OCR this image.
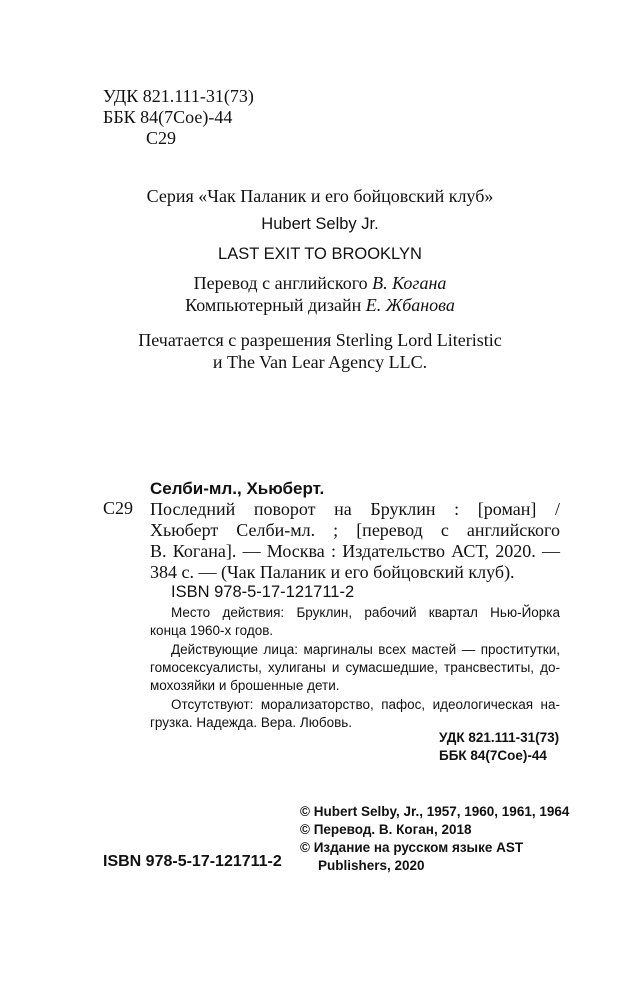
УДК 821.111-31(73)
ББК 84(7Сое)-44
С29
Серия «Чак Паланик и его бойцовский клуб»
Hubert Selby Jr.
LAST EXIT TO BROOKLYN
Перевод с английского В. Когана
Компьютерный дизайн Е. Жбанова
Печатается с разрешения Sterling Lord Literistic
и The Van Lear Agency LLC.
Селби-мл., Хьюберт.
С29 Последний поворот на Бруклин : [роман] /
Хьюберт Селби-мл. ; [перевод с английского
В. Когана]. — Москва : Издательство АСТ, 2020. —
384 с. — (Чак Паланик и его бойцовский клуб).
ISBN 978-5-17-121711-2
Место действия: Бруклин, рабочий квартал Нью-Йорка
конца 1960-х годов.
Действующие лица: маргиналы всех мастей — проститутки,
гомосексуалисты, хулиганы и сумасшедшие, трансвеститы, до-
мохозяйки и брошенные дети.
Отсутствуют: морализаторство, пафос, идеологическая на-
грузка. Надежда. Вера. Любовь.
УДК 821.111-31(73)
ББК 84(7Сое)-44
© Hubert Selby, Jr., 1957, 1960, 1961, 1964
© Перевод. В. Коган, 2018
© Издание на русском языке AST
Publishers, 2020
ISBN 978-5-17-121711-2
